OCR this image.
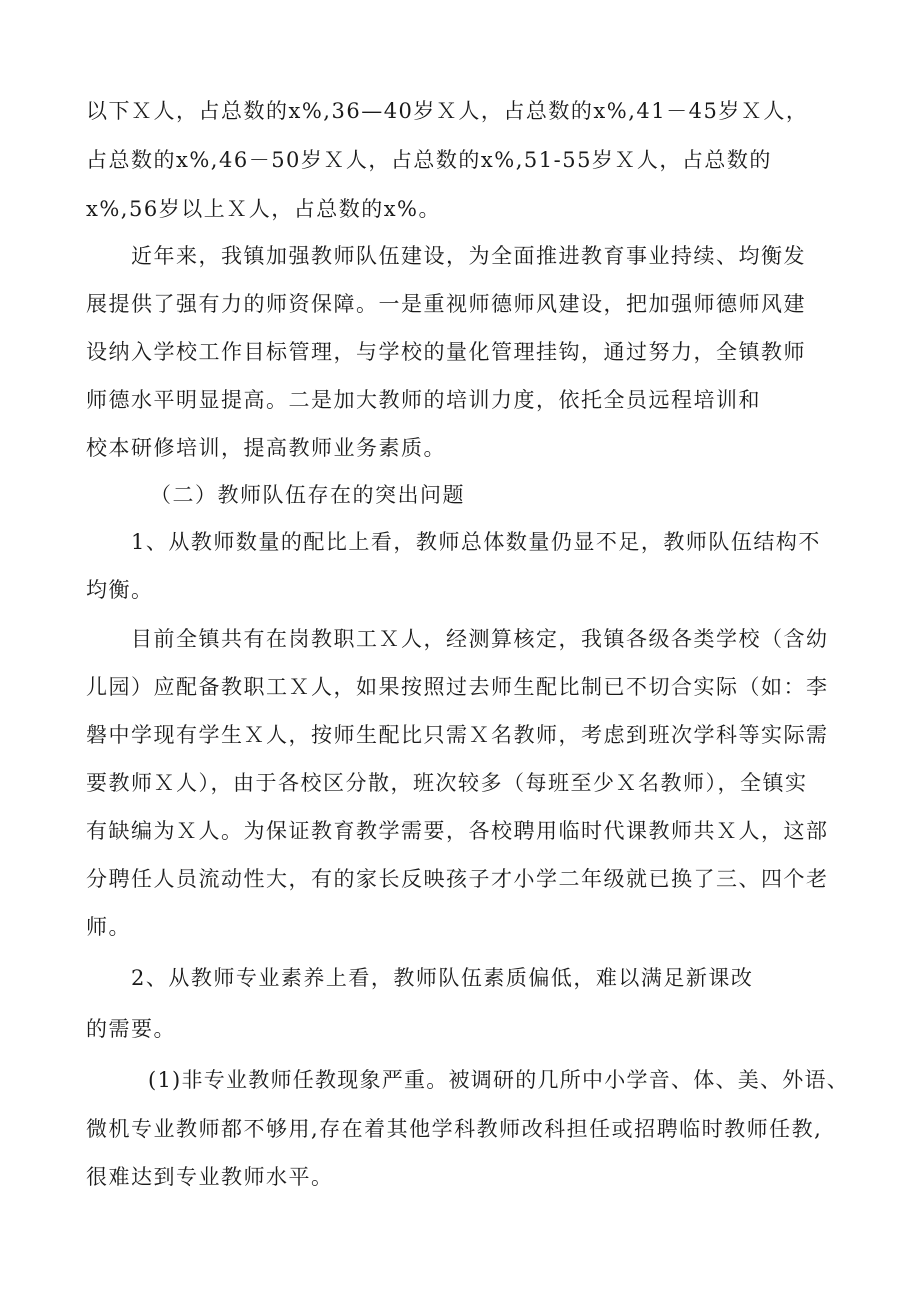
以下Ｘ人，占总数的x%,36—40岁Ｘ人，占总数的x%,41－45岁Ｘ人，
占总数的x%,46－50岁Ｘ人，占总数的x%,51-55岁Ｘ人，占总数的
x%,56岁以上Ｘ人，占总数的x%。
近年来，我镇加强教师队伍建设，为全面推进教育事业持续、均衡发
展提供了强有力的师资保障。一是重视师德师风建设，把加强师德师风建
设纳入学校工作目标管理，与学校的量化管理挂钩，通过努力，全镇教师
师德水平明显提高。二是加大教师的培训力度，依托全员远程培训和
校本研修培训，提高教师业务素质。
（二）教师队伍存在的突出问题
1、从教师数量的配比上看，教师总体数量仍显不足，教师队伍结构不
均衡。
目前全镇共有在岗教职工Ｘ人，经测算核定，我镇各级各类学校（含幼
儿园）应配备教职工Ｘ人，如果按照过去师生配比制已不切合实际（如：李
磐中学现有学生Ｘ人，按师生配比只需Ｘ名教师，考虑到班次学科等实际需
要教师Ｘ人），由于各校区分散，班次较多（每班至少Ｘ名教师），全镇实
有缺编为Ｘ人。为保证教育教学需要，各校聘用临时代课教师共Ｘ人，这部
分聘任人员流动性大，有的家长反映孩子才小学二年级就已换了三、四个老
师。
2、从教师专业素养上看，教师队伍素质偏低，难以满足新课改
的需要。
(1)非专业教师任教现象严重。被调研的几所中小学音、体、美、外语、
微机专业教师都不够用,存在着其他学科教师改科担任或招聘临时教师任教,
很难达到专业教师水平。
